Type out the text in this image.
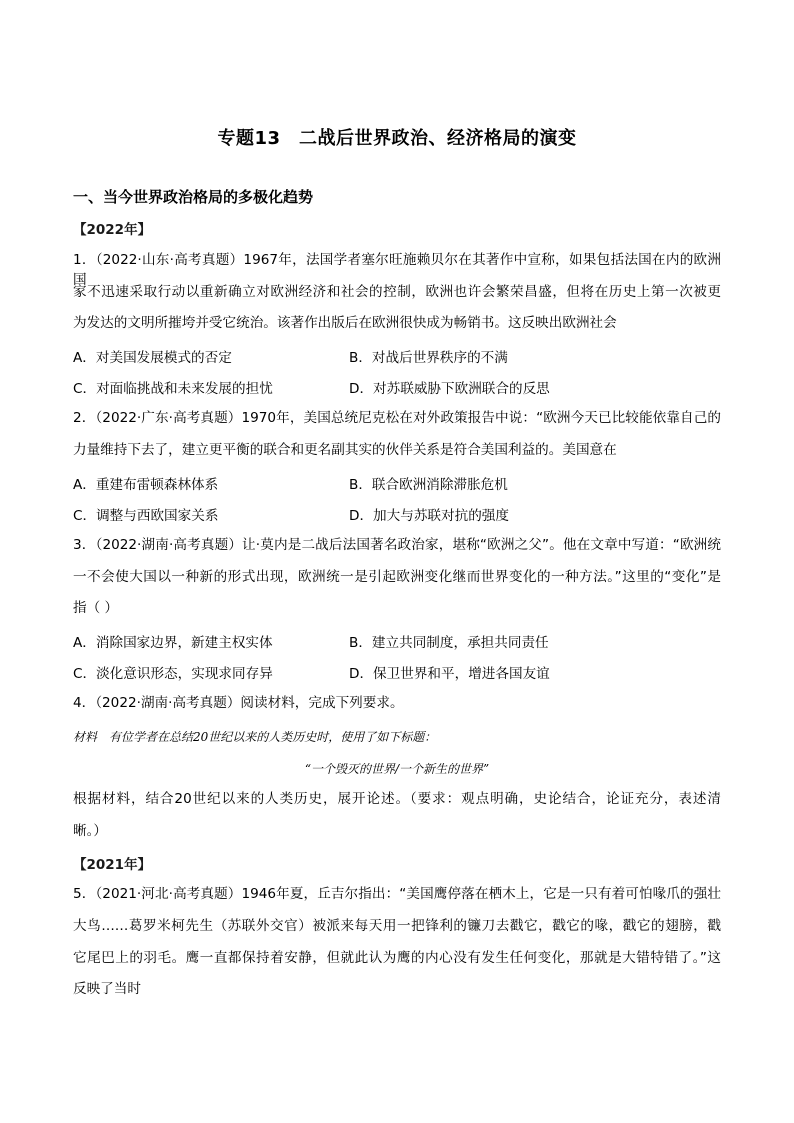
专题13　二战后世界政治、经济格局的演变
一、当今世界政治格局的多极化趋势
【2022年】
1．（2022·山东·高考真题）1967年，法国学者塞尔旺施赖贝尔在其著作中宣称，如果包括法国在内的欧洲国
家不迅速采取行动以重新确立对欧洲经济和社会的控制，欧洲也许会繁荣昌盛，但将在历史上第一次被更
为发达的文明所摧垮并受它统治。该著作出版后在欧洲很快成为畅销书。这反映出欧洲社会
A．对美国发展模式的否定	B．对战后世界秩序的不满
C．对面临挑战和未来发展的担忧	D．对苏联威胁下欧洲联合的反思
2．（2022·广东·高考真题）1970年，美国总统尼克松在对外政策报告中说：“欧洲今天已比较能依靠自己的
力量维持下去了，建立更平衡的联合和更名副其实的伙伴关系是符合美国利益的。美国意在
A．重建布雷顿森林体系	B．联合欧洲消除滞胀危机
C．调整与西欧国家关系	D．加大与苏联对抗的强度
3．（2022·湖南·高考真题）让·莫内是二战后法国著名政治家，堪称“欧洲之父”。他在文章中写道：“欧洲统
一不会使大国以一种新的形式出现，欧洲统一是引起欧洲变化继而世界变化的一种方法。”这里的“变化”是
指（ ）
A．消除国家边界，新建主权实体	B．建立共同制度，承担共同责任
C．淡化意识形态，实现求同存异	D．保卫世界和平，增进各国友谊
4．（2022·湖南·高考真题）阅读材料，完成下列要求。
材料　有位学者在总结20世纪以来的人类历史时，使用了如下标题：
“一个毁灭的世界/一个新生的世界”
根据材料，结合20世纪以来的人类历史，展开论述。（要求：观点明确，史论结合，论证充分，表述清
晰。）
【2021年】
5．（2021·河北·高考真题）1946年夏，丘吉尔指出：“美国鹰停落在栖木上，它是一只有着可怕喙爪的强壮
大鸟……葛罗米柯先生（苏联外交官）被派来每天用一把锋利的镰刀去戳它，戳它的喙，戳它的翅膀，戳
它尾巴上的羽毛。鹰一直都保持着安静，但就此认为鹰的内心没有发生任何变化，那就是大错特错了。”这
反映了当时
